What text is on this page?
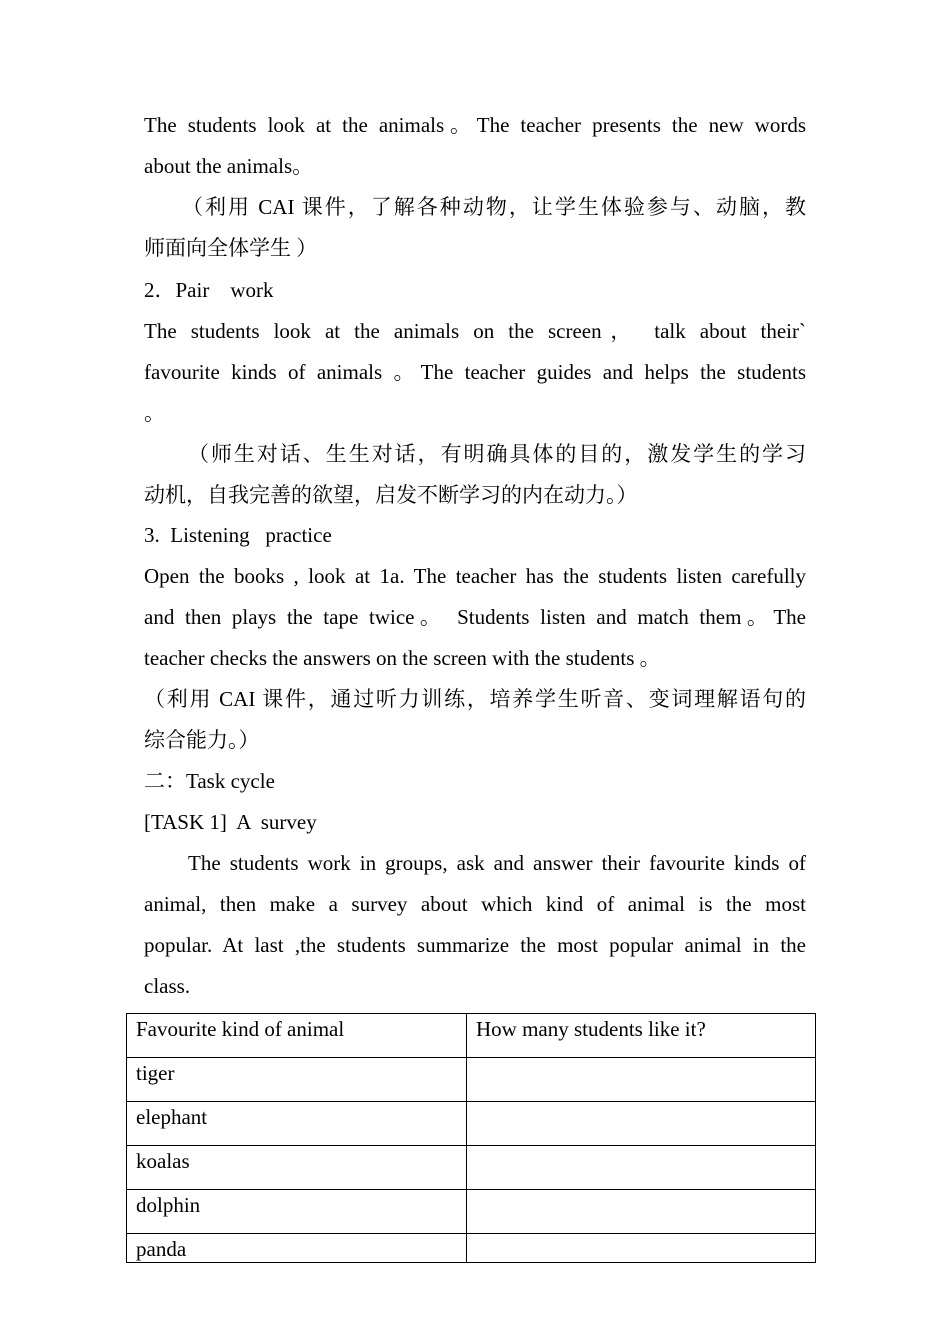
The students look at the animals。The teacher presents the new words
about the animals。
（利用 CAI 课件，了解各种动物，让学生体验参与、动脑，教
师面向全体学生 ）
2．Pair    work
The students look at the animals on the screen， talk about their`
favourite kinds of animals 。The teacher guides and helps the students
。
（师生对话、生生对话，有明确具体的目的，激发学生的学习
动机，自我完善的欲望，启发不断学习的内在动力。）
3.  Listening   practice
Open the books , look at 1a. The teacher has the students listen carefully
and then plays the tape twice。 Students listen and match them。The
teacher checks the answers on the screen with the students 。
（利用 CAI 课件，通过听力训练，培养学生听音、变词理解语句的
综合能力。）
二：Task cycle
[TASK 1]  A  survey
The students work in groups, ask and answer their favourite kinds of
animal, then make a survey about which kind of animal is the most
popular. At last ,the students summarize the most popular animal in the
class.
Favourite kind of animal	How many students like it?
tiger	
elephant	
koalas	
dolphin	
panda	
